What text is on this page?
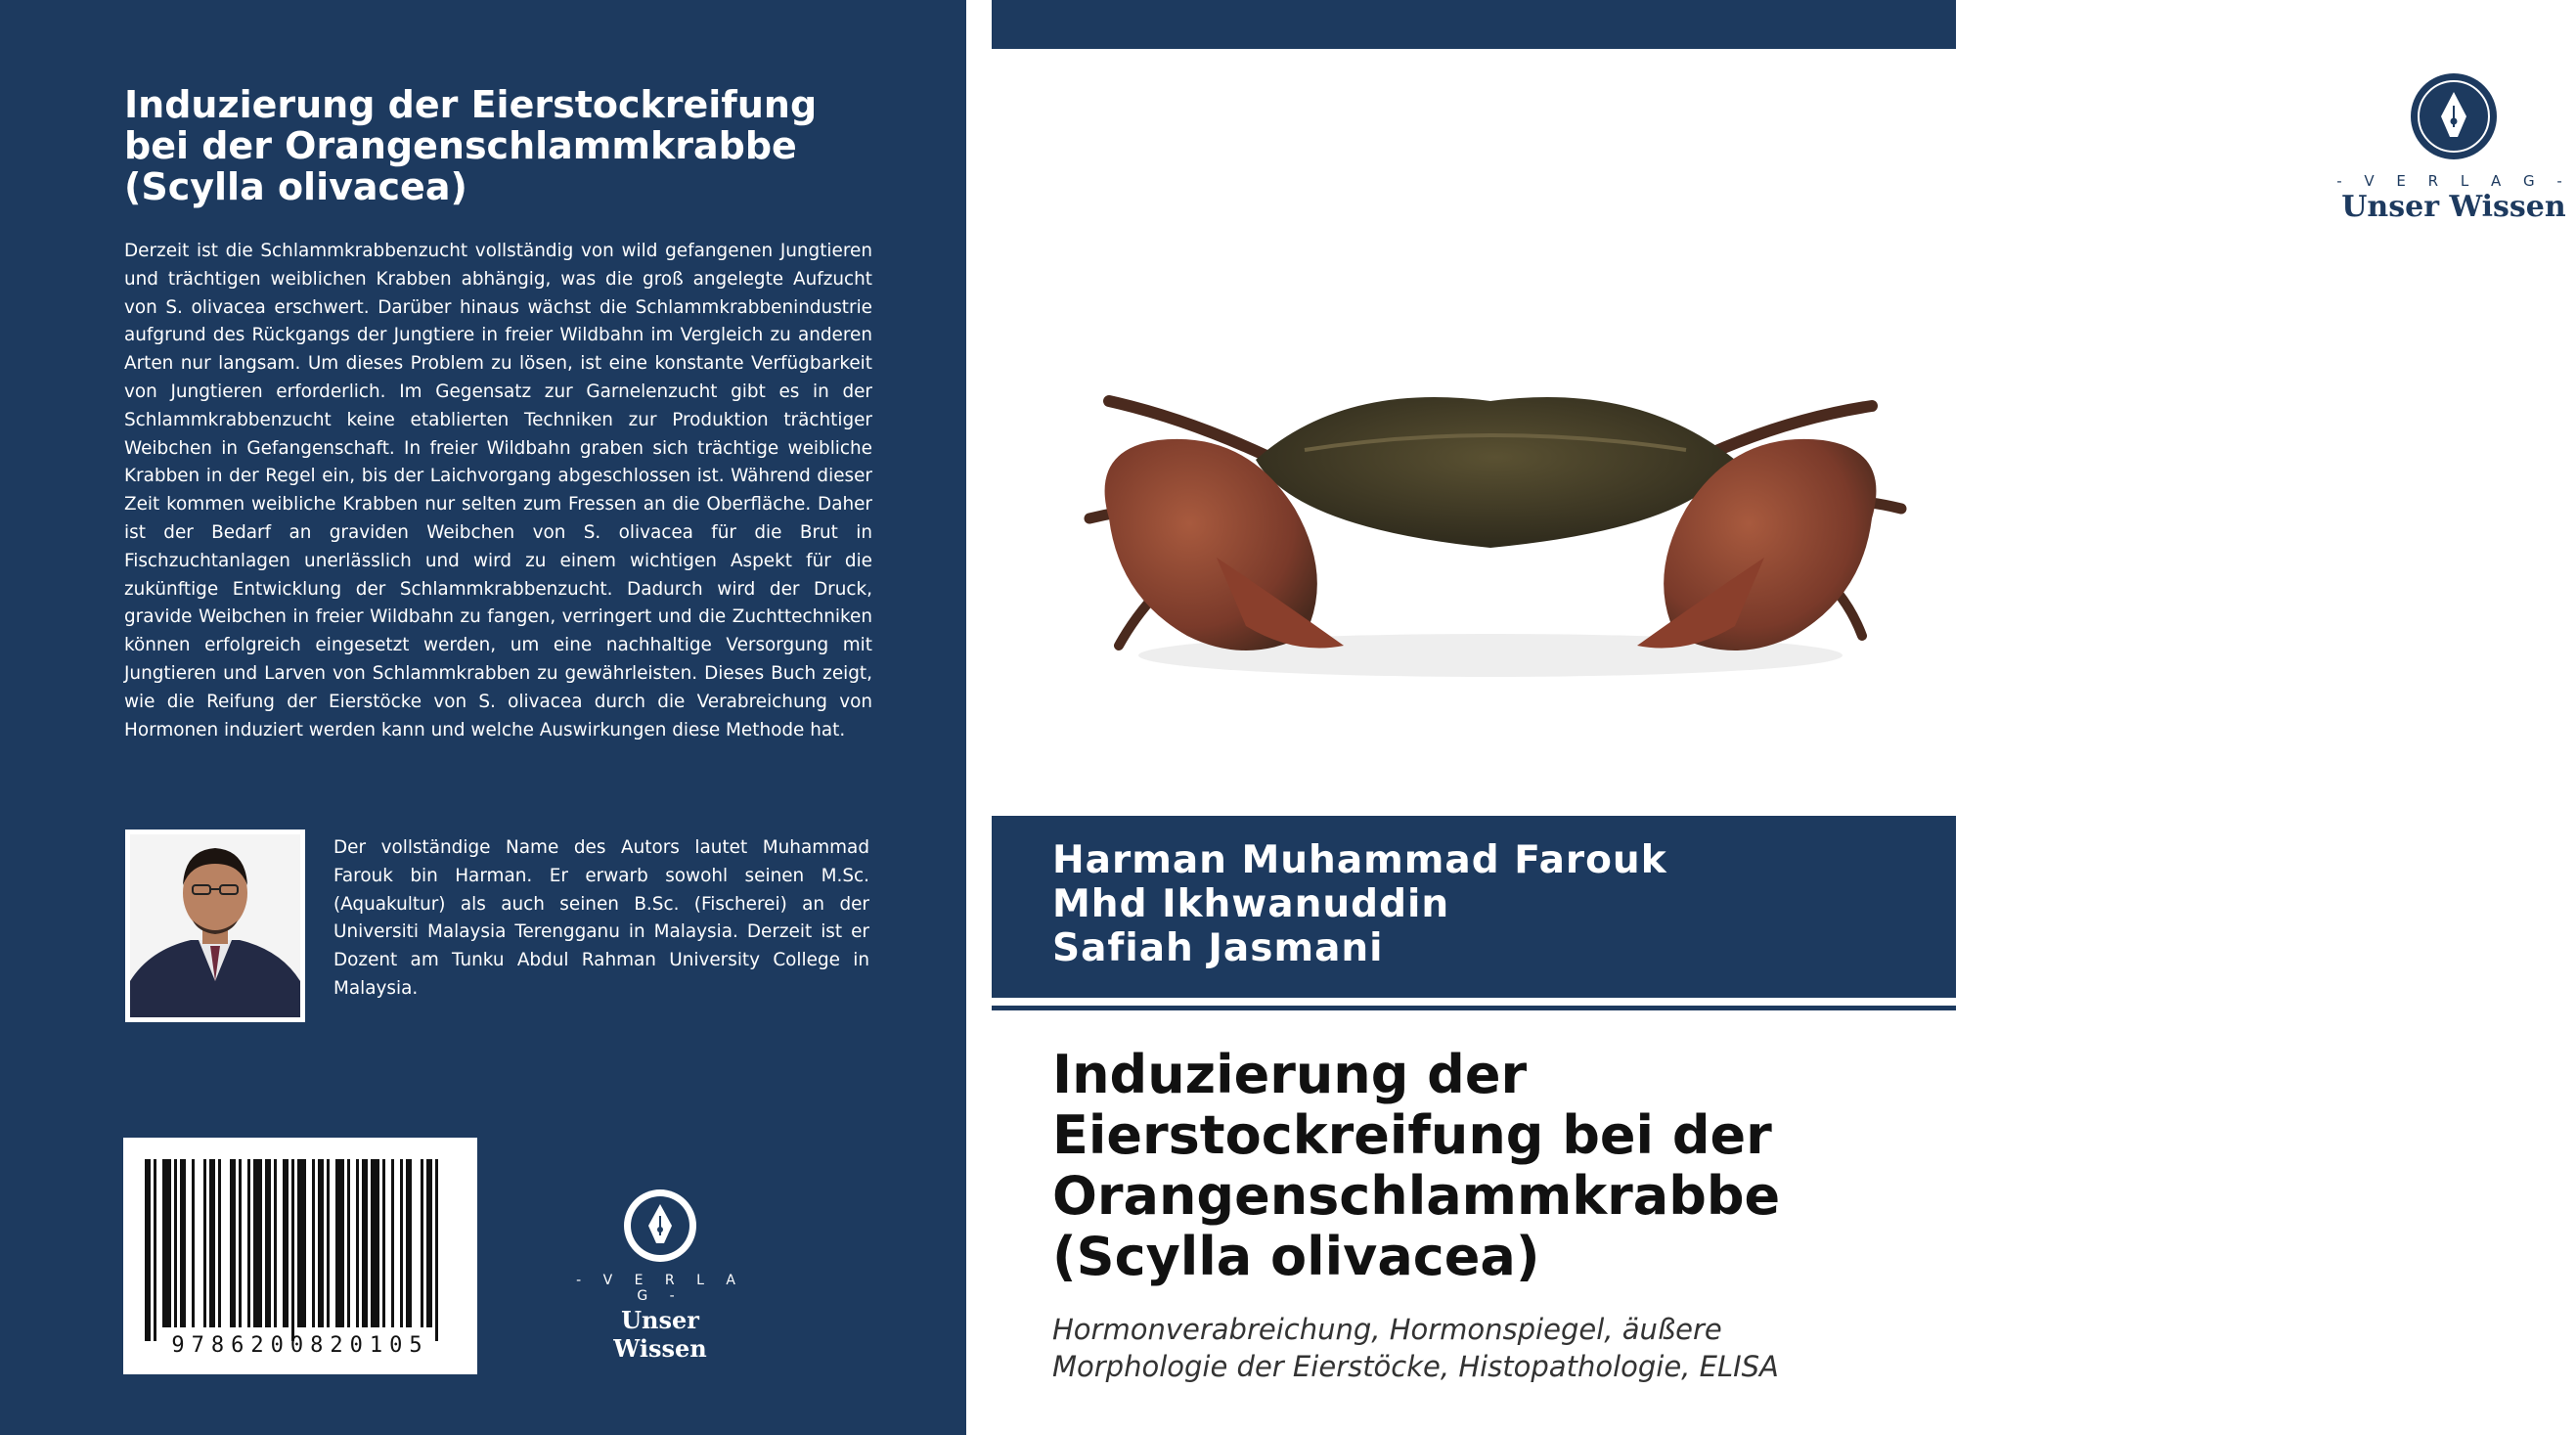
Induzierung der Eierstockreifung
bei der Orangenschlammkrabbe
(Scylla olivacea)
Derzeit ist die Schlammkrabbenzucht vollständig von wild gefangenen Jungtieren und trächtigen weiblichen Krabben abhängig, was die groß angelegte Aufzucht von S. olivacea erschwert. Darüber hinaus wächst die Schlammkrabbenindustrie aufgrund des Rückgangs der Jungtiere in freier Wildbahn im Vergleich zu anderen Arten nur langsam. Um dieses Problem zu lösen, ist eine konstante Verfügbarkeit von Jungtieren erforderlich. Im Gegensatz zur Garnelenzucht gibt es in der Schlammkrabbenzucht keine etablierten Techniken zur Produktion trächtiger Weibchen in Gefangenschaft. In freier Wildbahn graben sich trächtige weibliche Krabben in der Regel ein, bis der Laichvorgang abgeschlossen ist. Während dieser Zeit kommen weibliche Krabben nur selten zum Fressen an die Oberfläche. Daher ist der Bedarf an graviden Weibchen von S. olivacea für die Brut in Fischzuchtanlagen unerlässlich und wird zu einem wichtigen Aspekt für die zukünftige Entwicklung der Schlammkrabbenzucht. Dadurch wird der Druck, gravide Weibchen in freier Wildbahn zu fangen, verringert und die Zuchttechniken können erfolgreich eingesetzt werden, um eine nachhaltige Versorgung mit Jungtieren und Larven von Schlammkrabben zu gewährleisten. Dieses Buch zeigt, wie die Reifung der Eierstöcke von S. olivacea durch die Verabreichung von Hormonen induziert werden kann und welche Auswirkungen diese Methode hat.
Der vollständige Name des Autors lautet Muhammad Farouk bin Harman. Er erwarb sowohl seinen M.Sc. (Aquakultur) als auch seinen B.Sc. (Fischerei) an der Universiti Malaysia Terengganu in Malaysia. Derzeit ist er Dozent am Tunku Abdul Rahman University College in Malaysia.
9786200820105
- V E R L A G -
Unser Wissen
- V E R L A G -
Unser Wissen
Harman Muhammad Farouk
Mhd Ikhwanuddin
Safiah Jasmani
Induzierung der
Eierstockreifung bei der
Orangenschlammkrabbe
(Scylla olivacea)
Hormonverabreichung, Hormonspiegel, äußere
Morphologie der Eierstöcke, Histopathologie, ELISA
